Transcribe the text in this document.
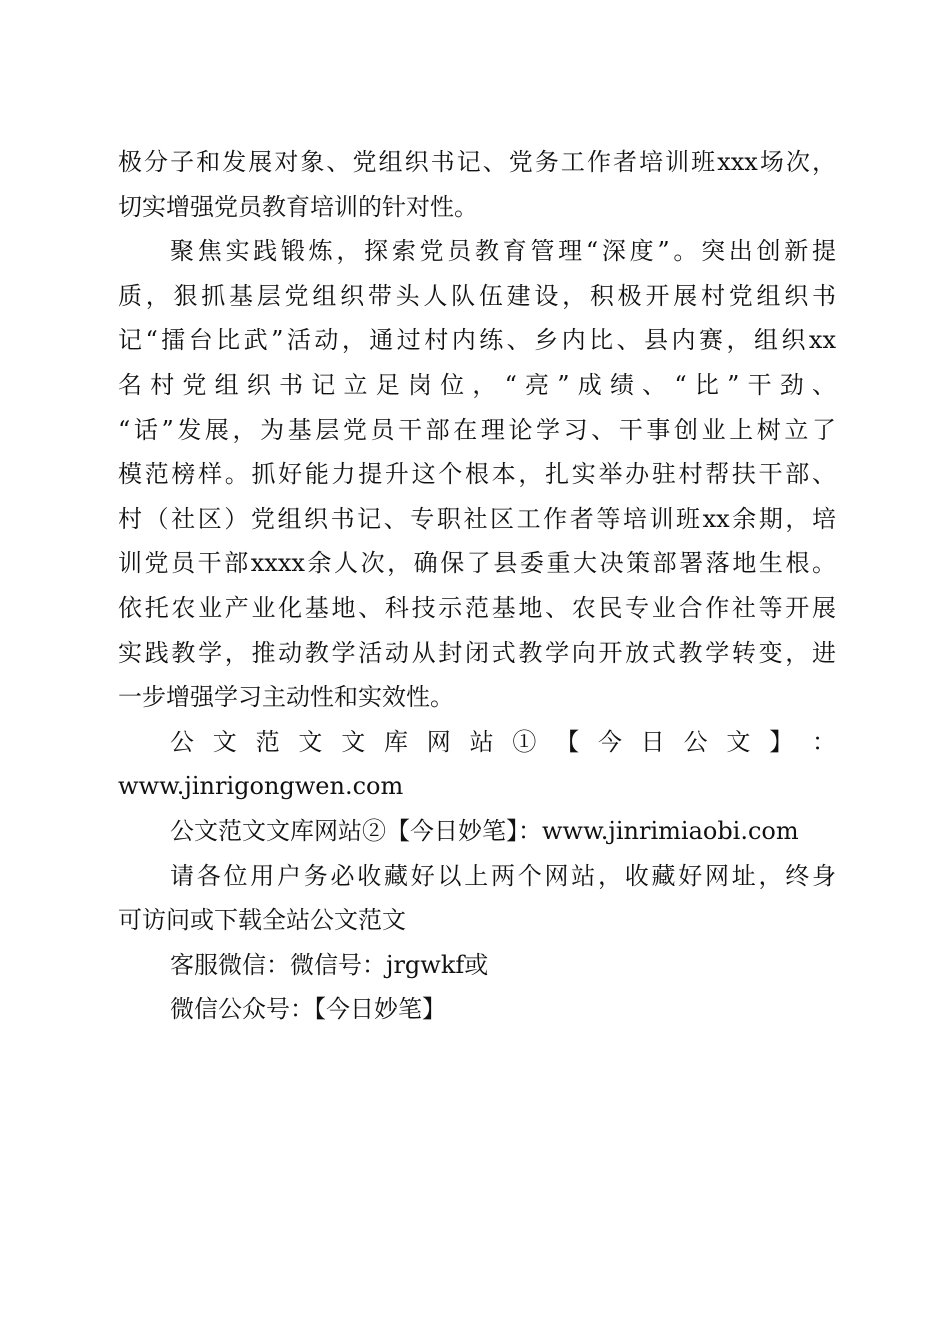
极分子和发展对象、党组织书记、党务工作者培训班xxx场次，
切实增强党员教育培训的针对性。
聚焦实践锻炼，探索党员教育管理“深度”。突出创新提
质，狠抓基层党组织带头人队伍建设，积极开展村党组织书
记“擂台比武”活动，通过村内练、乡内比、县内赛，组织xx
名村党组织书记立足岗位，“亮”成绩、“比”干劲、
“话”发展，为基层党员干部在理论学习、干事创业上树立了
模范榜样。抓好能力提升这个根本，扎实举办驻村帮扶干部、
村（社区）党组织书记、专职社区工作者等培训班xx余期，培
训党员干部xxxx余人次，确保了县委重大决策部署落地生根。
依托农业产业化基地、科技示范基地、农民专业合作社等开展
实践教学，推动教学活动从封闭式教学向开放式教学转变，进
一步增强学习主动性和实效性。
公 文 范 文 文 库 网 站 ① 【 今 日 公 文 】 ：
www.jinrigongwen.com
公文范文文库网站②【今日妙笔】：www.jinrimiaobi.com
请各位用户务必收藏好以上两个网站，收藏好网址，终身
可访问或下载全站公文范文
客服微信：微信号：jrgwkf或
微信公众号：【今日妙笔】
